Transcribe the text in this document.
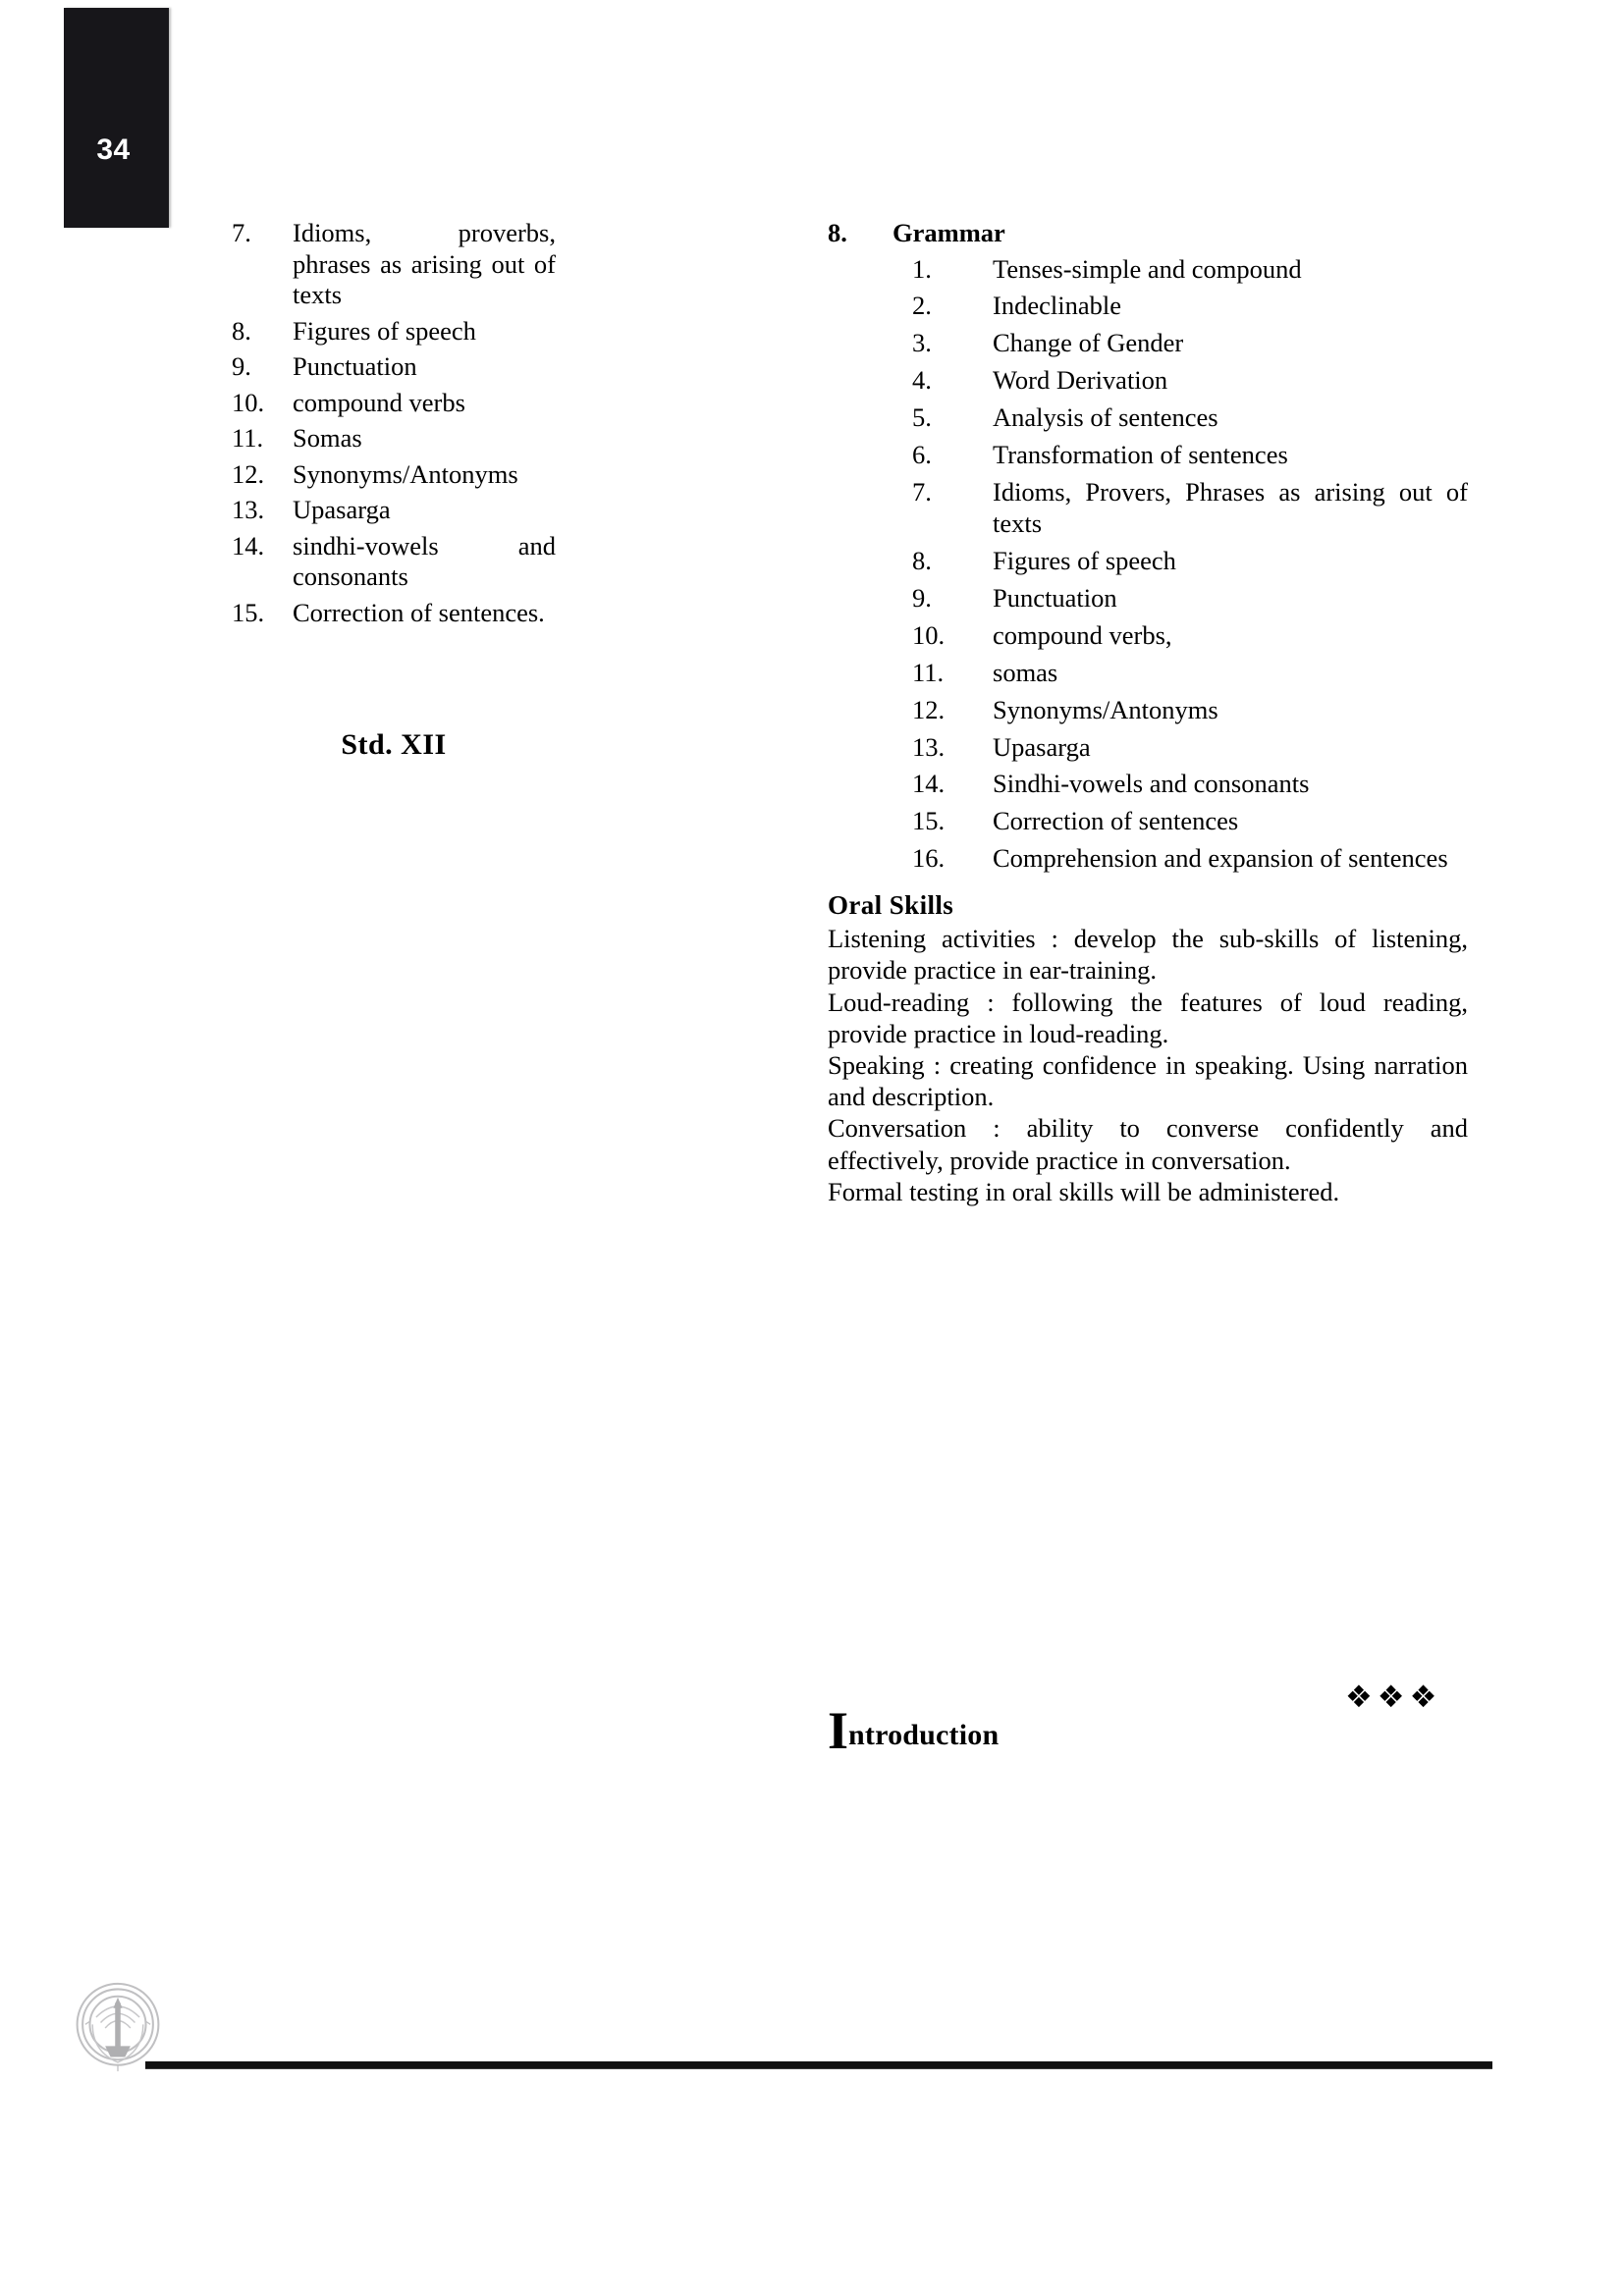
34
7.	Idioms, proverbs, phrases as arising out of texts
8.	Figures of speech
9.	Punctuation
10.	compound verbs
11.	Somas
12.	Synonyms/Antonyms
13.	Upasarga
14.	sindhi-vowels and consonants
15.	Correction of sentences.
Std. XII
8.	Grammar
1.	Tenses-simple and compound
2.	Indeclinable
3.	Change of Gender
4.	Word Derivation
5.	Analysis of sentences
6.	Transformation of sentences
7.	Idioms, Provers, Phrases as arising out of texts
8.	Figures of speech
9.	Punctuation
10.	compound verbs,
11.	somas
12.	Synonyms/Antonyms
13.	Upasarga
14.	Sindhi-vowels and consonants
15.	Correction of sentences
16.	Comprehension and expansion of sentences
Oral Skills

Listening activities : develop the sub-skills of listening, provide practice in ear-training.

Loud-reading : following the features of loud reading, provide practice in loud-reading.

Speaking : creating confidence in speaking. Using narration and description.

Conversation : ability to converse confidently and effectively, provide practice in conversation.

Formal testing in oral skills will be administered.

❖❖❖
Introduction
